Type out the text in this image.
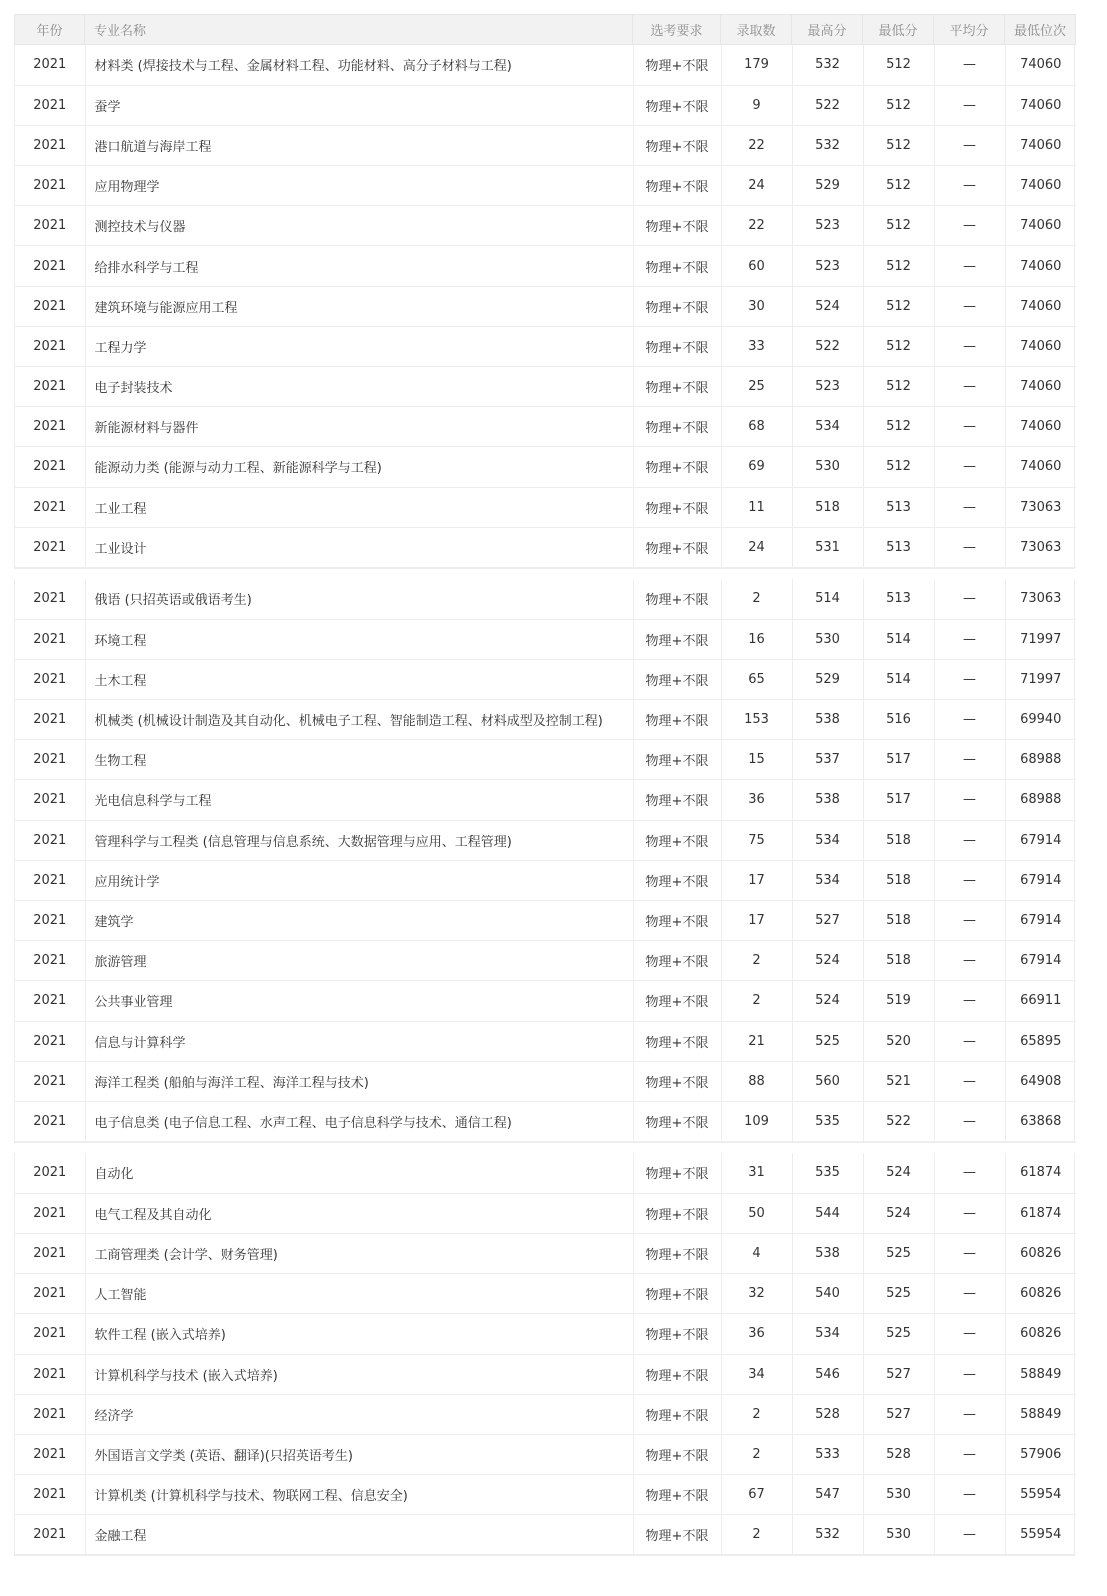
年份	专业名称	选考要求	录取数	最高分	最低分	平均分	最低位次
2021	材料类 (焊接技术与工程、金属材料工程、功能材料、高分子材料与工程)	物理+不限	179	532	512	—	74060
2021	蚕学	物理+不限	9	522	512	—	74060
2021	港口航道与海岸工程	物理+不限	22	532	512	—	74060
2021	应用物理学	物理+不限	24	529	512	—	74060
2021	测控技术与仪器	物理+不限	22	523	512	—	74060
2021	给排水科学与工程	物理+不限	60	523	512	—	74060
2021	建筑环境与能源应用工程	物理+不限	30	524	512	—	74060
2021	工程力学	物理+不限	33	522	512	—	74060
2021	电子封装技术	物理+不限	25	523	512	—	74060
2021	新能源材料与器件	物理+不限	68	534	512	—	74060
2021	能源动力类 (能源与动力工程、新能源科学与工程)	物理+不限	69	530	512	—	74060
2021	工业工程	物理+不限	11	518	513	—	73063
2021	工业设计	物理+不限	24	531	513	—	73063
2021	俄语 (只招英语或俄语考生)	物理+不限	2	514	513	—	73063
2021	环境工程	物理+不限	16	530	514	—	71997
2021	土木工程	物理+不限	65	529	514	—	71997
2021	机械类 (机械设计制造及其自动化、机械电子工程、智能制造工程、材料成型及控制工程)	物理+不限	153	538	516	—	69940
2021	生物工程	物理+不限	15	537	517	—	68988
2021	光电信息科学与工程	物理+不限	36	538	517	—	68988
2021	管理科学与工程类 (信息管理与信息系统、大数据管理与应用、工程管理)	物理+不限	75	534	518	—	67914
2021	应用统计学	物理+不限	17	534	518	—	67914
2021	建筑学	物理+不限	17	527	518	—	67914
2021	旅游管理	物理+不限	2	524	518	—	67914
2021	公共事业管理	物理+不限	2	524	519	—	66911
2021	信息与计算科学	物理+不限	21	525	520	—	65895
2021	海洋工程类 (船舶与海洋工程、海洋工程与技术)	物理+不限	88	560	521	—	64908
2021	电子信息类 (电子信息工程、水声工程、电子信息科学与技术、通信工程)	物理+不限	109	535	522	—	63868
2021	自动化	物理+不限	31	535	524	—	61874
2021	电气工程及其自动化	物理+不限	50	544	524	—	61874
2021	工商管理类 (会计学、财务管理)	物理+不限	4	538	525	—	60826
2021	人工智能	物理+不限	32	540	525	—	60826
2021	软件工程 (嵌入式培养)	物理+不限	36	534	525	—	60826
2021	计算机科学与技术 (嵌入式培养)	物理+不限	34	546	527	—	58849
2021	经济学	物理+不限	2	528	527	—	58849
2021	外国语言文学类 (英语、翻译)(只招英语考生)	物理+不限	2	533	528	—	57906
2021	计算机类 (计算机科学与技术、物联网工程、信息安全)	物理+不限	67	547	530	—	55954
2021	金融工程	物理+不限	2	532	530	—	55954
